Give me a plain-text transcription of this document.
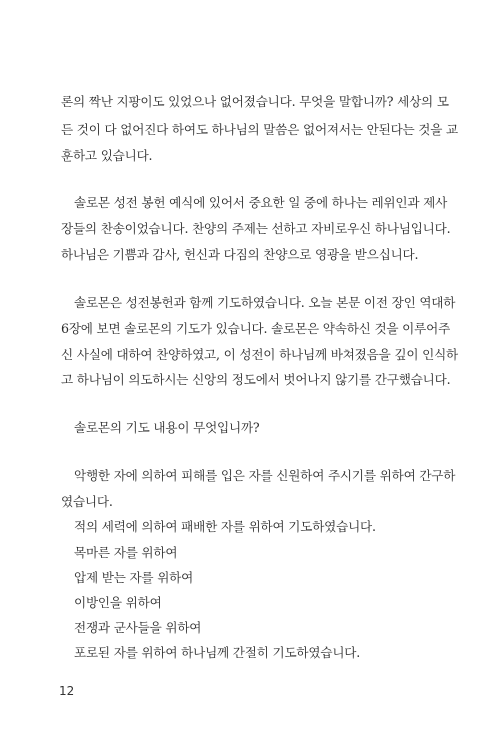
론의 짝난 지팡이도 있었으나 없어졌습니다. 무엇을 말합니까? 세상의 모
든 것이 다 없어진다 하여도 하나님의 말씀은 없어져서는 안된다는 것을 교
훈하고 있습니다.
솔로몬 성전 봉헌 예식에 있어서 중요한 일 중에 하나는 레위인과 제사
장들의 찬송이었습니다. 찬양의 주제는 선하고 자비로우신 하나님입니다.
하나님은 기쁨과 감사, 헌신과 다짐의 찬양으로 영광을 받으십니다.
솔로몬은 성전봉헌과 함께 기도하였습니다. 오늘 본문 이전 장인 역대하
6장에 보면 솔로몬의 기도가 있습니다. 솔로몬은 약속하신 것을 이루어주
신 사실에 대하여 찬양하였고, 이 성전이 하나님께 바쳐졌음을 깊이 인식하
고 하나님이 의도하시는 신앙의 정도에서 벗어나지 않기를 간구했습니다.
솔로몬의 기도 내용이 무엇입니까?
악행한 자에 의하여 피해를 입은 자를 신원하여 주시기를 위하여 간구하
였습니다.
적의 세력에 의하여 패배한 자를 위하여 기도하였습니다.
목마른 자를 위하여
압제 받는 자를 위하여
이방인을 위하여
전쟁과 군사들을 위하여
포로된 자를 위하여 하나님께 간절히 기도하였습니다.
12
